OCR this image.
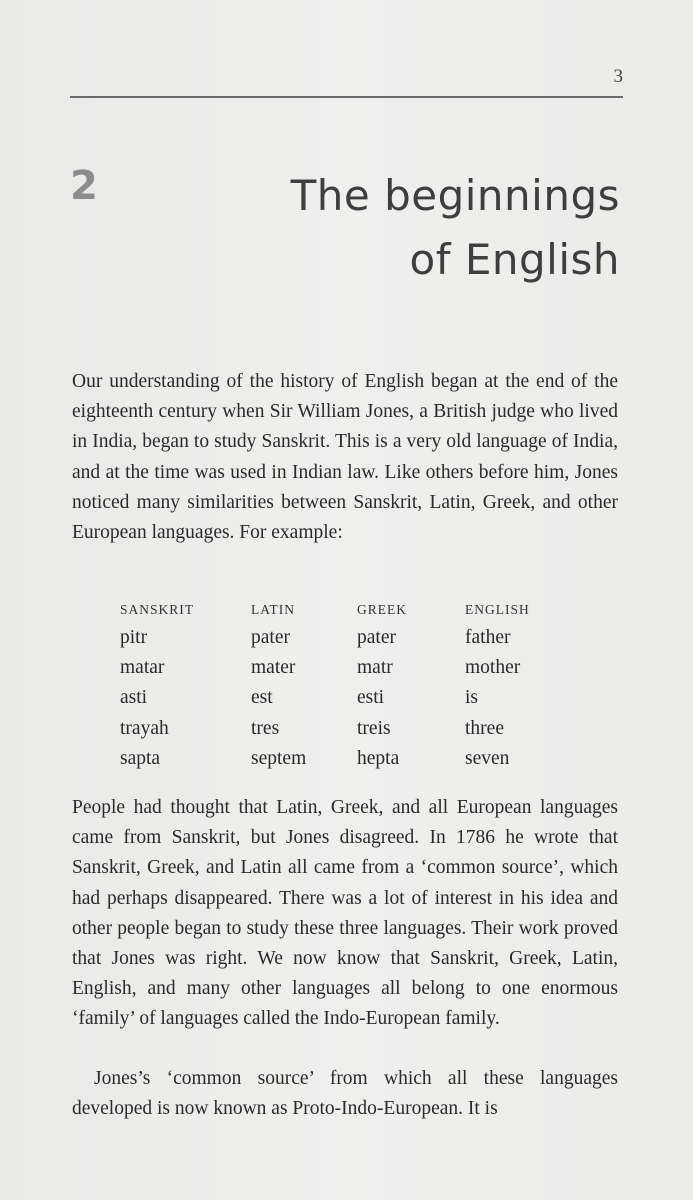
3
2	The beginnings
of English

Our understanding of the history of English began at the end of the eighteenth century when Sir William Jones, a British judge who lived in India, began to study Sanskrit. This is a very old language of India, and at the time was used in Indian law. Like others before him, Jones noticed many similarities between Sanskrit, Latin, Greek, and other European languages. For example:

SANSKRIT	LATIN	GREEK	ENGLISH
pitr	pater	pater	father
matar	mater	matr	mother
asti	est	esti	is
trayah	tres	treis	three
sapta	septem	hepta	seven

People had thought that Latin, Greek, and all European languages came from Sanskrit, but Jones disagreed. In 1786 he wrote that Sanskrit, Greek, and Latin all came from a ‘common source’, which had perhaps disappeared. There was a lot of interest in his idea and other people began to study these three languages. Their work proved that Jones was right. We now know that Sanskrit, Greek, Latin, English, and many other languages all belong to one enormous ‘family’ of languages called the Indo-European family.

Jones’s ‘common source’ from which all these languages developed is now known as Proto-Indo-European. It is
